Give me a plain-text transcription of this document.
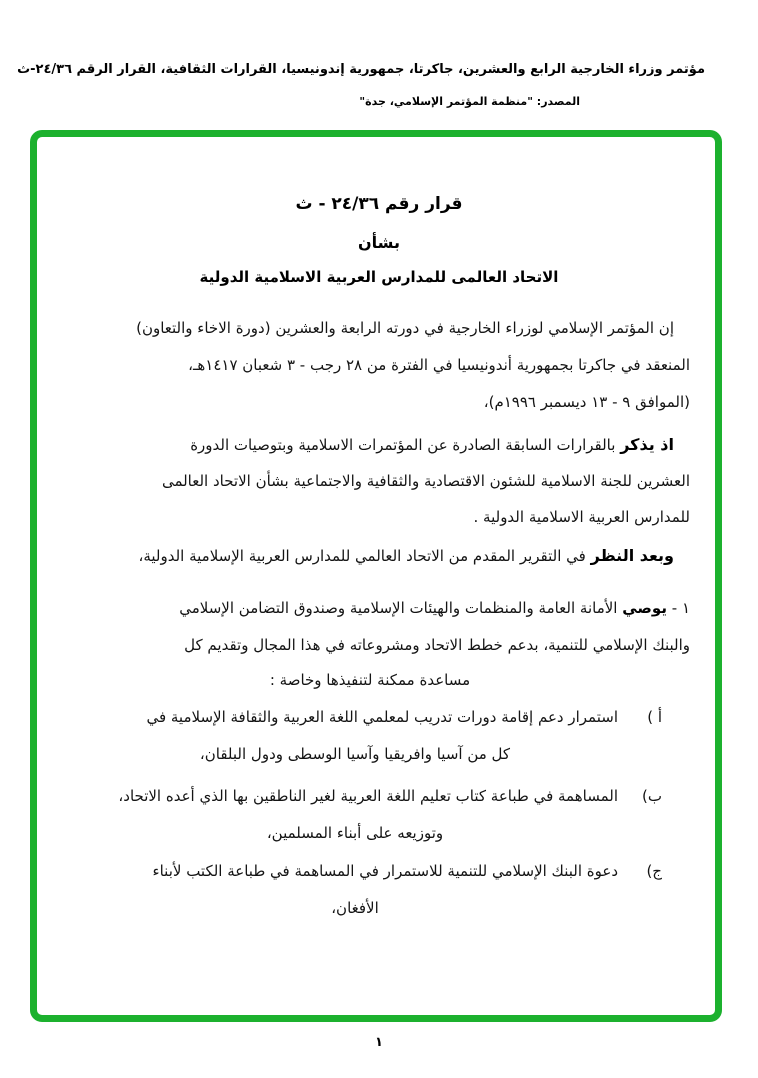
مؤتمر وزراء الخارجية الرابع والعشرين، جاكرتا، جمهورية إندونيسيا، القرارات الثقافية، القرار الرقم ٢٤/٣٦-ث
المصدر: "منظمة المؤتمر الإسلامي، جدة"
قرار رقم ٢٤/٣٦ - ث
بشأن
الاتحاد العالمى للمدارس العربية الاسلامية الدولية
إن المؤتمر الإسلامي لوزراء الخارجية في دورته الرابعة والعشرين (دورة الاخاء والتعاون)
المنعقد في جاكرتا بجمهورية أندونيسيا في الفترة من ٢٨ رجب - ٣ شعبان ١٤١٧هـ،
(الموافق ٩ - ١٣ ديسمبر ١٩٩٦م)،
اذ يذكر بالقرارات السابقة الصادرة عن المؤتمرات الاسلامية وبتوصيات الدورة
العشرين للجنة الاسلامية للشئون الاقتصادية والثقافية والاجتماعية بشأن الاتحاد العالمى
للمدارس العربية الاسلامية الدولية .
وبعد النظر في التقرير المقدم من الاتحاد العالمي للمدارس العربية الإسلامية الدولية،
١ - يوصي الأمانة العامة والمنظمات والهيئات الإسلامية وصندوق التضامن الإسلامي
والبنك الإسلامي للتنمية، بدعم خطط الاتحاد ومشروعاته في هذا المجال وتقديم كل
مساعدة ممكنة لتنفيذها وخاصة :
أ )
استمرار دعم إقامة دورات تدريب لمعلمي اللغة العربية والثقافة الإسلامية في
كل من آسيا وافريقيا وآسيا الوسطى ودول البلقان،
ب)
المساهمة في طباعة كتاب تعليم اللغة العربية لغير الناطقين بها الذي أعده الاتحاد،
وتوزيعه على أبناء المسلمين،
ج)
دعوة البنك الإسلامي للتنمية للاستمرار في المساهمة في طباعة الكتب لأبناء
الأفغان،
١
